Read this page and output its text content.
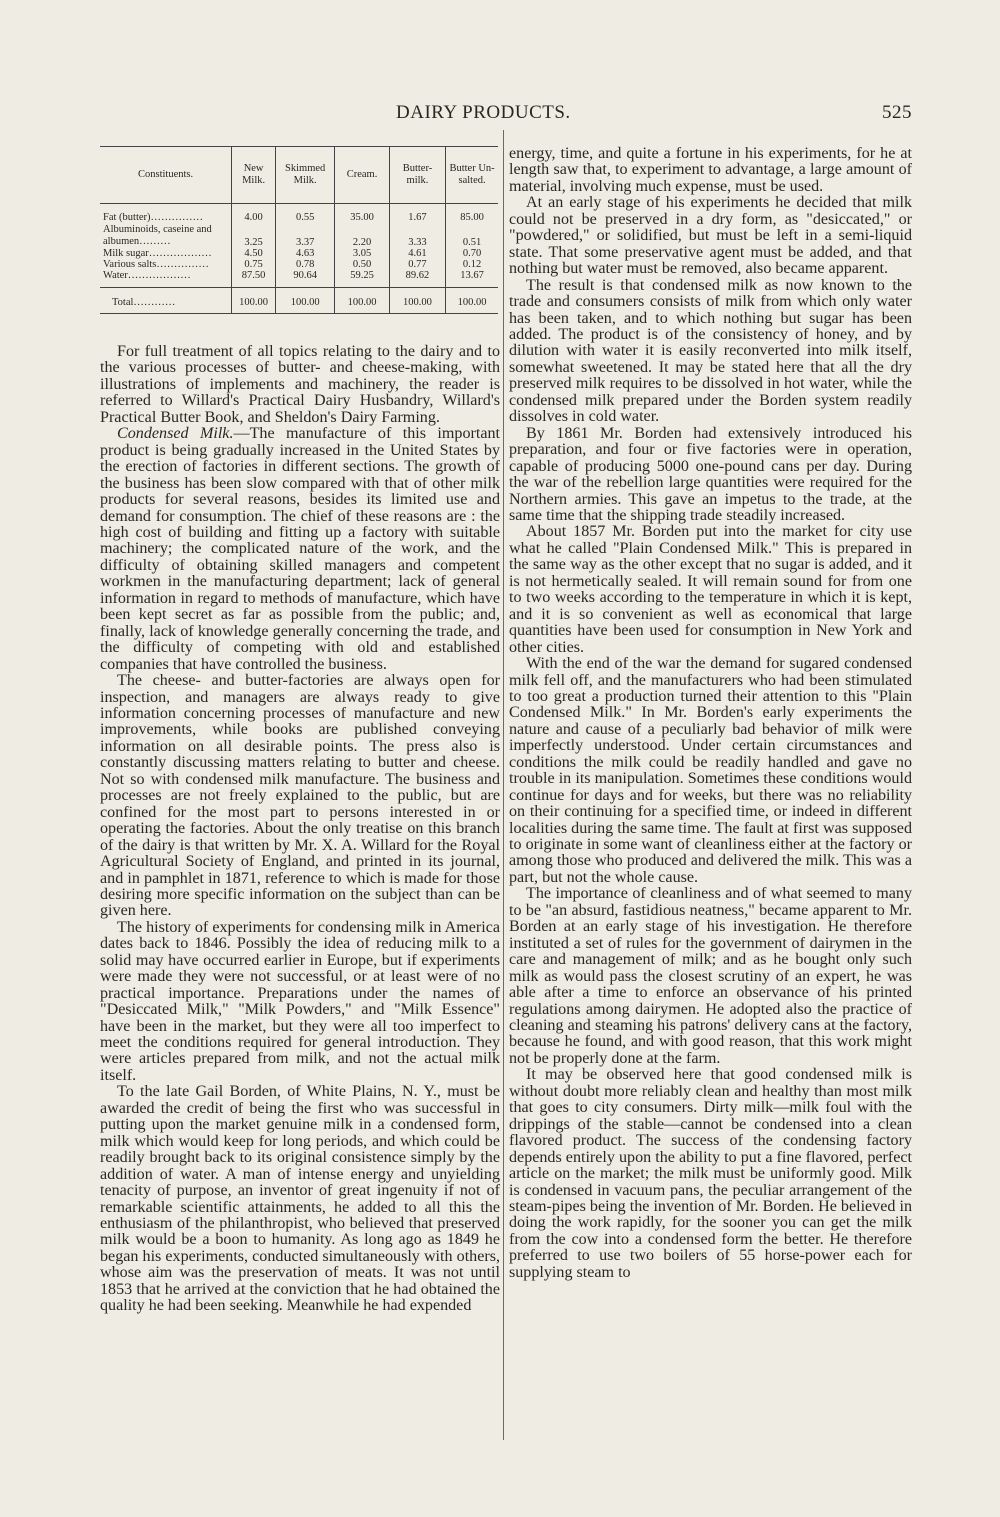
DAIRY PRODUCTS.	525
Constituents.	New Milk.	Skimmed Milk.	Cream.	Butter-milk.	Butter Un-salted.
Fat (butter)……………	4.00	0.55	35.00	1.67	85.00
Albuminoids, caseine and albumen………	3.25	3.37	2.20	3.33	0.51
Milk sugar………………	4.50	4.63	3.05	4.61	0.70
Various salts……………	0.75	0.78	0.50	0.77	0.12
Water………………	87.50	90.64	59.25	89.62	13.67
Total…………	100.00	100.00	100.00	100.00	100.00

For full treatment of all topics relating to the dairy and to the various processes of butter- and cheese-making, with illustrations of implements and machinery, the reader is referred to Willard's Practical Dairy Husbandry, Willard's Practical Butter Book, and Sheldon's Dairy Farming.

Condensed Milk.—The manufacture of this important product is being gradually increased in the United States by the erection of factories in different sections. The growth of the business has been slow compared with that of other milk products for several reasons, besides its limited use and demand for consumption. The chief of these reasons are : the high cost of building and fitting up a factory with suitable machinery; the complicated nature of the work, and the difficulty of obtaining skilled managers and competent workmen in the manufacturing department; lack of general information in regard to methods of manufacture, which have been kept secret as far as possible from the public; and, finally, lack of knowledge generally concerning the trade, and the difficulty of competing with old and established companies that have controlled the business.

The cheese- and butter-factories are always open for inspection, and managers are always ready to give information concerning processes of manufacture and new improvements, while books are published conveying information on all desirable points. The press also is constantly discussing matters relating to butter and cheese. Not so with condensed milk manufacture. The business and processes are not freely explained to the public, but are confined for the most part to persons interested in or operating the factories. About the only treatise on this branch of the dairy is that written by Mr. X. A. Willard for the Royal Agricultural Society of England, and printed in its journal, and in pamphlet in 1871, reference to which is made for those desiring more specific information on the subject than can be given here.

The history of experiments for condensing milk in America dates back to 1846. Possibly the idea of reducing milk to a solid may have occurred earlier in Europe, but if experiments were made they were not successful, or at least were of no practical importance. Preparations under the names of "Desiccated Milk," "Milk Powders," and "Milk Essence" have been in the market, but they were all too imperfect to meet the conditions required for general introduction. They were articles prepared from milk, and not the actual milk itself.

To the late Gail Borden, of White Plains, N. Y., must be awarded the credit of being the first who was successful in putting upon the market genuine milk in a condensed form, milk which would keep for long periods, and which could be readily brought back to its original consistence simply by the addition of water. A man of intense energy and unyielding tenacity of purpose, an inventor of great ingenuity if not of remarkable scientific attainments, he added to all this the enthusiasm of the philanthropist, who believed that preserved milk would be a boon to humanity. As long ago as 1849 he began his experiments, conducted simultaneously with others, whose aim was the preservation of meats. It was not until 1853 that he arrived at the conviction that he had obtained the quality he had been seeking. Meanwhile he had expended

energy, time, and quite a fortune in his experiments, for he at length saw that, to experiment to advantage, a large amount of material, involving much expense, must be used.

At an early stage of his experiments he decided that milk could not be preserved in a dry form, as "desiccated," or "powdered," or solidified, but must be left in a semi-liquid state. That some preservative agent must be added, and that nothing but water must be removed, also became apparent.

The result is that condensed milk as now known to the trade and consumers consists of milk from which only water has been taken, and to which nothing but sugar has been added. The product is of the consistency of honey, and by dilution with water it is easily reconverted into milk itself, somewhat sweetened. It may be stated here that all the dry preserved milk requires to be dissolved in hot water, while the condensed milk prepared under the Borden system readily dissolves in cold water.

By 1861 Mr. Borden had extensively introduced his preparation, and four or five factories were in operation, capable of producing 5000 one-pound cans per day. During the war of the rebellion large quantities were required for the Northern armies. This gave an impetus to the trade, at the same time that the shipping trade steadily increased.

About 1857 Mr. Borden put into the market for city use what he called "Plain Condensed Milk." This is prepared in the same way as the other except that no sugar is added, and it is not hermetically sealed. It will remain sound for from one to two weeks according to the temperature in which it is kept, and it is so convenient as well as economical that large quantities have been used for consumption in New York and other cities.

With the end of the war the demand for sugared condensed milk fell off, and the manufacturers who had been stimulated to too great a production turned their attention to this "Plain Condensed Milk." In Mr. Borden's early experiments the nature and cause of a peculiarly bad behavior of milk were imperfectly understood. Under certain circumstances and conditions the milk could be readily handled and gave no trouble in its manipulation. Sometimes these conditions would continue for days and for weeks, but there was no reliability on their continuing for a specified time, or indeed in different localities during the same time. The fault at first was supposed to originate in some want of cleanliness either at the factory or among those who produced and delivered the milk. This was a part, but not the whole cause.

The importance of cleanliness and of what seemed to many to be "an absurd, fastidious neatness," became apparent to Mr. Borden at an early stage of his investigation. He therefore instituted a set of rules for the government of dairymen in the care and management of milk; and as he bought only such milk as would pass the closest scrutiny of an expert, he was able after a time to enforce an observance of his printed regulations among dairymen. He adopted also the practice of cleaning and steaming his patrons' delivery cans at the factory, because he found, and with good reason, that this work might not be properly done at the farm.

It may be observed here that good condensed milk is without doubt more reliably clean and healthy than most milk that goes to city consumers. Dirty milk—milk foul with the drippings of the stable—cannot be condensed into a clean flavored product. The success of the condensing factory depends entirely upon the ability to put a fine flavored, perfect article on the market; the milk must be uniformly good. Milk is condensed in vacuum pans, the peculiar arrangement of the steam-pipes being the invention of Mr. Borden. He believed in doing the work rapidly, for the sooner you can get the milk from the cow into a condensed form the better. He therefore preferred to use two boilers of 55 horse-power each for supplying steam to
